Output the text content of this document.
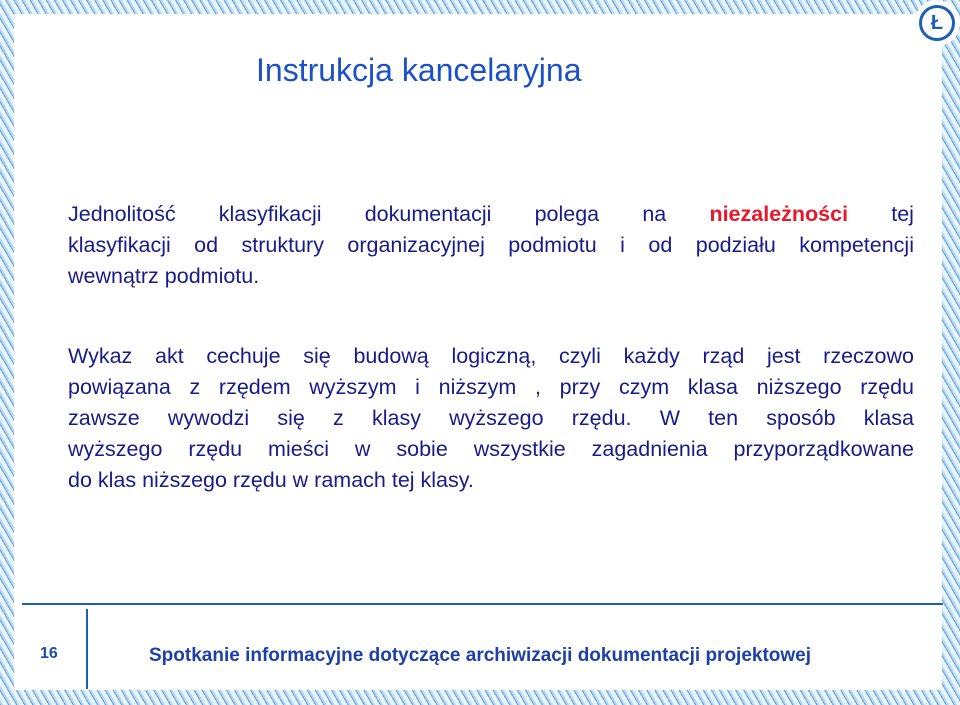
Ł
Instrukcja kancelaryjna
Jednolitość klasyfikacji dokumentacji polega na niezależności tej
klasyfikacji od struktury organizacyjnej podmiotu i od podziału kompetencji
wewnątrz podmiotu.
Wykaz akt cechuje się budową logiczną, czyli każdy rząd jest rzeczowo
powiązana z rzędem wyższym i niższym , przy czym klasa niższego rzędu
zawsze wywodzi się z klasy wyższego rzędu. W ten sposób klasa
wyższego rzędu mieści w sobie wszystkie zagadnienia przyporządkowane
do klas niższego rzędu w ramach tej klasy.
16	Spotkanie informacyjne dotyczące archiwizacji dokumentacji projektowej
